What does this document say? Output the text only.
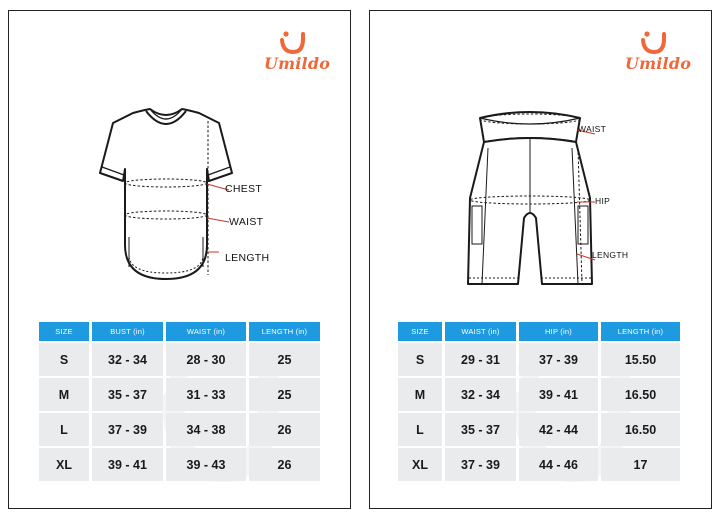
Umildo
CHEST
WAIST
LENGTH
SIZE	BUST (in)	WAIST (in)	LENGTH (in)
S	32 - 34	28 - 30	25
M	35 - 37	31 - 33	25
L	37 - 39	34 - 38	26
XL	39 - 41	39 - 43	26
Umildo
WAIST
HIP
LENGTH
SIZE	WAIST (in)	HIP (in)	LENGTH (in)
S	29 - 31	37 - 39	15.50
M	32 - 34	39 - 41	16.50
L	35 - 37	42 - 44	16.50
XL	37 - 39	44 - 46	17
